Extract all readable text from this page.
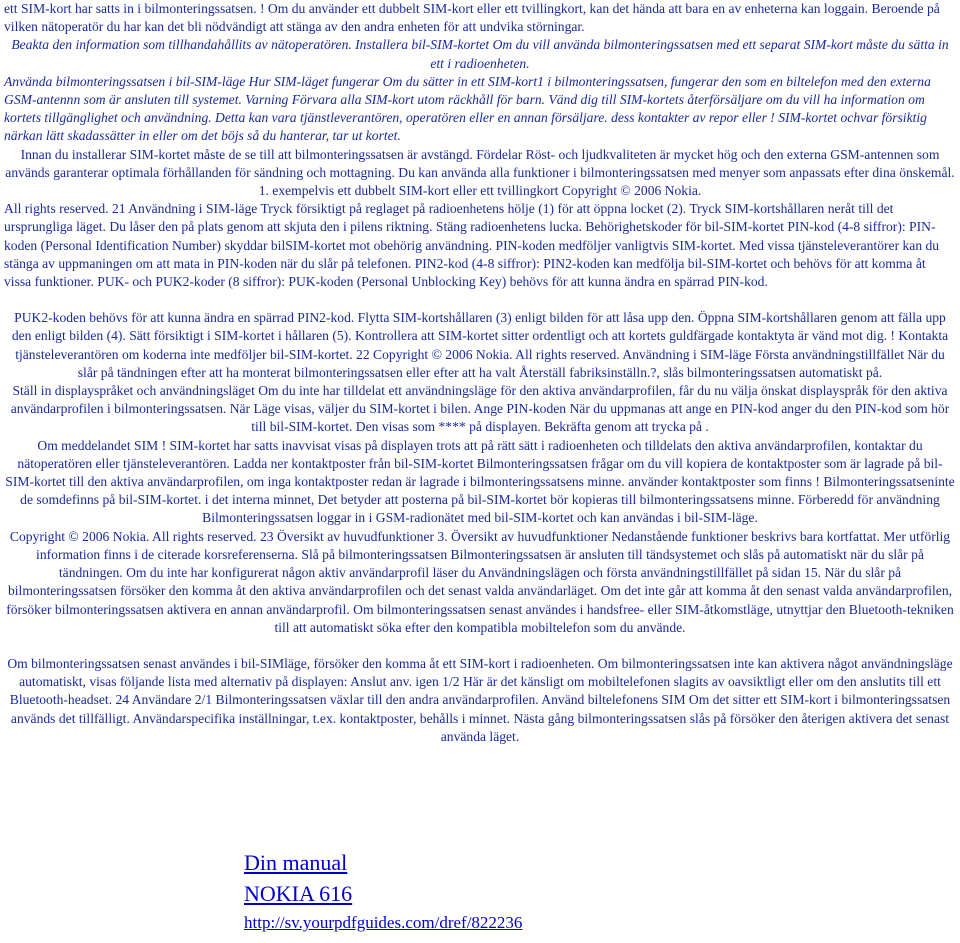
ett SIM-kort har satts in i bilmonteringssatsen. ! Om du använder ett dubbelt SIM-kort eller ett tvillingkort, kan det hända att bara en av enheterna kan loggain. Beroende på vilken nätoperatör du har kan det bli nödvändigt att stänga av den andra enheten för att undvika störningar.

Beakta den information som tillhandahållits av nätoperatören. Installera bil-SIM-kortet Om du vill använda bilmonteringssatsen med ett separat SIM-kort måste du sätta in ett i radioenheten.

Använda bilmonteringssatsen i bil-SIM-läge Hur SIM-läget fungerar Om du sätter in ett SIM-kort1 i bilmonteringssatsen, fungerar den som en biltelefon med den externa GSM-antennn som är ansluten till systemet. Varning Förvara alla SIM-kort utom räckhåll för barn. Vänd dig till SIM-kortets återförsäljare om du vill ha information om kortets tillgänglighet och användning. Detta kan vara tjänstleverantören, operatören eller en annan försäljare. dess kontakter av repor eller ! SIM-kortet ochvar försiktig närkan lätt skadassätter in eller om det böjs så du hanterar, tar ut kortet.

Innan du installerar SIM-kortet måste de se till att bilmonteringssatsen är avstängd. Fördelar Röst- och ljudkvaliteten är mycket hög och den externa GSM-antennen som används garanterar optimala förhållanden för sändning och mottagning. Du kan använda alla funktioner i bilmonteringssatsen med menyer som anpassats efter dina önskemål. 1. exempelvis ett dubbelt SIM-kort eller ett tvillingkort Copyright © 2006 Nokia.

All rights reserved. 21 Användning i SIM-läge Tryck försiktigt på reglaget på radioenhetens hölje (1) för att öppna locket (2). Tryck SIM-kortshållaren neråt till det ursprungliga läget. Du låser den på plats genom att skjuta den i pilens riktning. Stäng radioenhetens lucka. Behörighetskoder för bil-SIM-kortet PIN-kod (4-8 siffror): PIN-koden (Personal Identification Number) skyddar bilSIM-kortet mot obehörig användning. PIN-koden medföljer vanligtvis SIM-kortet. Med vissa tjänsteleverantörer kan du stänga av uppmaningen om att mata in PIN-koden när du slår på telefonen. PIN2-kod (4-8 siffror): PIN2-koden kan medfölja bil-SIM-kortet och behövs för att komma åt vissa funktioner. PUK- och PUK2-koder (8 siffror): PUK-koden (Personal Unblocking Key) behövs för att kunna ändra en spärrad PIN-kod.

PUK2-koden behövs för att kunna ändra en spärrad PIN2-kod. Flytta SIM-kortshållaren (3) enligt bilden för att låsa upp den. Öppna SIM-kortshållaren genom att fälla upp den enligt bilden (4). Sätt försiktigt i SIM-kortet i hållaren (5). Kontrollera att SIM-kortet sitter ordentligt och att kortets guldfärgade kontaktyta är vänd mot dig. ! Kontakta tjänsteleverantören om koderna inte medföljer bil-SIM-kortet. 22 Copyright © 2006 Nokia. All rights reserved. Användning i SIM-läge Första användningstillfället När du slår på tändningen efter att ha monterat bilmonteringssatsen eller efter att ha valt Återställ fabriksinställn.?, slås bilmonteringssatsen automatiskt på.

Ställ in displayspråket och användningsläget Om du inte har tilldelat ett användningsläge för den aktiva användarprofilen, får du nu välja önskat displayspråk för den aktiva användarprofilen i bilmonteringssatsen. När Läge visas, väljer du SIM-kortet i bilen. Ange PIN-koden När du uppmanas att ange en PIN-kod anger du den PIN-kod som hör till bil-SIM-kortet. Den visas som **** på displayen. Bekräfta genom att trycka på .

Om meddelandet SIM ! SIM-kortet har satts inavvisat visas på displayen trots att på rätt sätt i radioenheten och tilldelats den aktiva användarprofilen, kontaktar du nätoperatören eller tjänsteleverantören. Ladda ner kontaktposter från bil-SIM-kortet Bilmonteringssatsen frågar om du vill kopiera de kontaktposter som är lagrade på bil-SIM-kortet till den aktiva användarprofilen, om inga kontaktposter redan är lagrade i bilmonteringssatsens minne. använder kontaktposter som finns ! Bilmonteringssatseninte de somdefinns på bil-SIM-kortet. i det interna minnet, Det betyder att posterna på bil-SIM-kortet bör kopieras till bilmonteringssatsens minne. Förberedd för användning Bilmonteringssatsen loggar in i GSM-radionätet med bil-SIM-kortet och kan användas i bil-SIM-läge.

Copyright © 2006 Nokia. All rights reserved. 23 Översikt av huvudfunktioner 3. Översikt av huvudfunktioner Nedanstående funktioner beskrivs bara kortfattat. Mer utförlig information finns i de citerade korsreferenserna. Slå på bilmonteringssatsen Bilmonteringssatsen är ansluten till tändsystemet och slås på automatiskt när du slår på tändningen. Om du inte har konfigurerat någon aktiv användarprofil läser du Användningslägen och första användningstillfället på sidan 15. När du slår på bilmonteringssatsen försöker den komma åt den aktiva användarprofilen och det senast valda användarläget. Om det inte går att komma åt den senast valda användarprofilen, försöker bilmonteringssatsen aktivera en annan användarprofil. Om bilmonteringssatsen senast användes i handsfree- eller SIM-åtkomstläge, utnyttjar den Bluetooth-tekniken till att automatiskt söka efter den kompatibla mobiltelefon som du använde.

Om bilmonteringssatsen senast användes i bil-SIMläge, försöker den komma åt ett SIM-kort i radioenheten. Om bilmonteringssatsen inte kan aktivera något användningsläge automatiskt, visas följande lista med alternativ på displayen: Anslut anv. igen 1/2 Här är det känsligt om mobiltelefonen slagits av oavsiktligt eller om den anslutits till ett Bluetooth-headset. 24 Användare 2/1 Bilmonteringssatsen växlar till den andra användarprofilen. Använd biltelefonens SIM Om det sitter ett SIM-kort i bilmonteringssatsen används det tillfälligt. Användarspecifika inställningar, t.ex. kontaktposter, behålls i minnet. Nästa gång bilmonteringssatsen slås på försöker den återigen aktivera det senast använda läget.

Din manual
NOKIA 616
http://sv.yourpdfguides.com/dref/822236
